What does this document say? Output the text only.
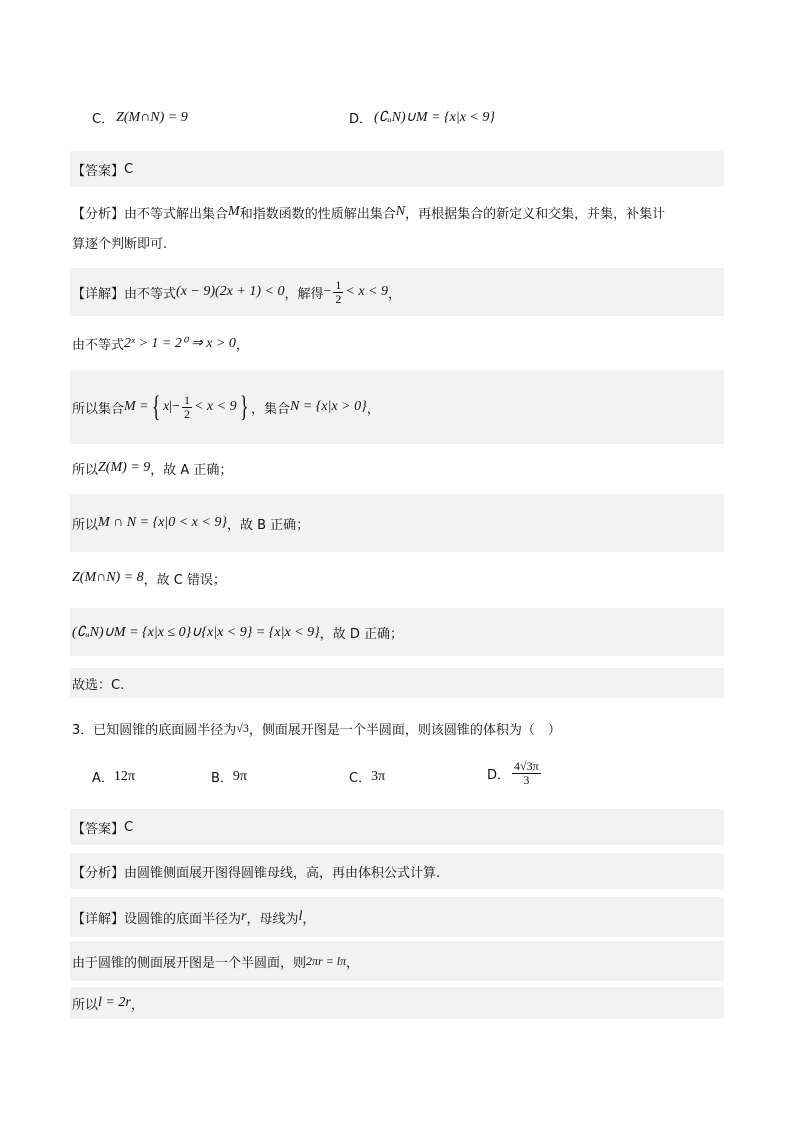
C． Z(M∩N) = 9	D． (∁ᵤN)∪M = {x|x < 9}
【答案】 C
【分析】 由不等式解出集合 M 和指数函数的性质解出集合 N ，再根据集合的新定义和交集，并集，补集计
算逐个判断即可.
【详解】 由不等式 (x − 9)(2x + 1) < 0 ，解得 − $\frac{1}{2} < x < 9$ ，
由不等式 2ˣ > 1 = 2⁰ ⇒ x > 0 ，
所以集合 M = { x | − $\frac{1}{2} < x < 9$ } ，集合 N = {x|x > 0} ，
所以 Z(M) = 9 ，故 A 正确；
所以 M ∩ N = {x|0 < x < 9} ，故 B 正确；
Z(M∩N) = 8 ，故 C 错误；
(∁ᵤN)∪M = {x|x ≤ 0}∪{x|x < 9} = {x|x < 9} ，故 D 正确；
故选：C.
3．已知圆锥的底面圆半径为 √3 ，侧面展开图是一个半圆面，则该圆锥的体积为（　）
A． 12π	B． 9π	C． 3π	D． $\frac{4√3\pi}{3}$
【答案】 C
【分析】 由圆锥侧面展开图得圆锥母线，高，再由体积公式计算.
【详解】 设圆锥的底面半径为 r ，母线为 l ，
由于圆锥的侧面展开图是一个半圆面，则 2πr = lπ ，
所以 l = 2r ，
